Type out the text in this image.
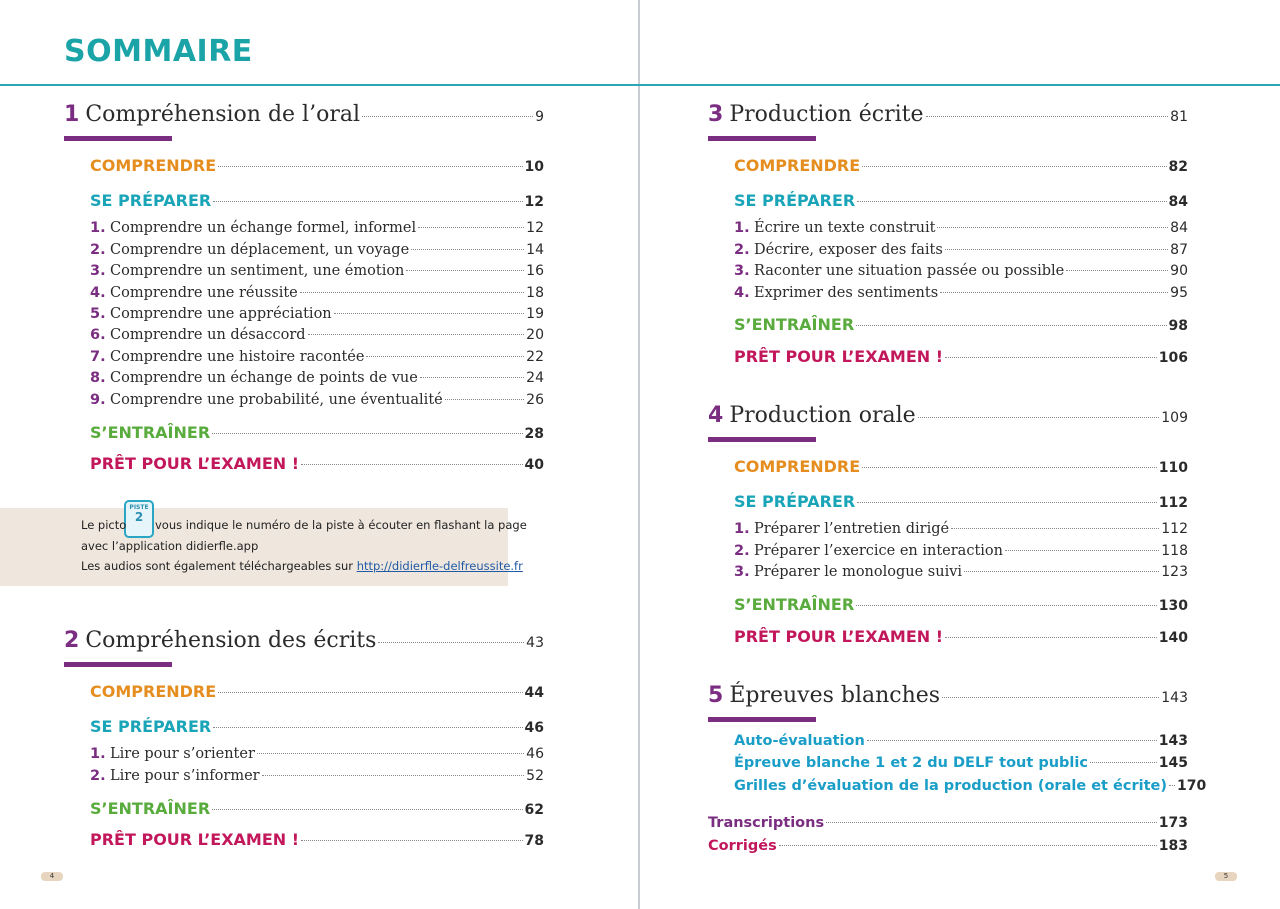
SOMMAIRE
1 Compréhension de l’oral	9
COMPRENDRE	10
SE PRÉPARER	12
1. Comprendre un échange formel, informel	12
2. Comprendre un déplacement, un voyage	14
3. Comprendre un sentiment, une émotion	16
4. Comprendre une réussite	18
5. Comprendre une appréciation	19
6. Comprendre un désaccord	20
7. Comprendre une histoire racontée	22
8. Comprendre un échange de points de vue	24
9. Comprendre une probabilité, une éventualité	26
S’ENTRAÎNER	28
PRÊT POUR L’EXAMEN !	40
PISTE
2
Le picto vous indique le numéro de la piste à écouter en flashant la page
avec l’application didierfle.app
Les audios sont également téléchargeables sur http://didierfle-delfreussite.fr
2 Compréhension des écrits	43
COMPRENDRE	44
SE PRÉPARER	46
1. Lire pour s’orienter	46
2. Lire pour s’informer	52
S’ENTRAÎNER	62
PRÊT POUR L’EXAMEN !	78
3 Production écrite	81
COMPRENDRE	82
SE PRÉPARER	84
1. Écrire un texte construit	84
2. Décrire, exposer des faits	87
3. Raconter une situation passée ou possible	90
4. Exprimer des sentiments	95
S’ENTRAÎNER	98
PRÊT POUR L’EXAMEN !	106
4 Production orale	109
COMPRENDRE	110
SE PRÉPARER	112
1. Préparer l’entretien dirigé	112
2. Préparer l’exercice en interaction	118
3. Préparer le monologue suivi	123
S’ENTRAÎNER	130
PRÊT POUR L’EXAMEN !	140
5 Épreuves blanches	143
Auto-évaluation	143
Épreuve blanche 1 et 2 du DELF tout public	145
Grilles d’évaluation de la production (orale et écrite) 170
Transcriptions	173
Corrigés	183
4	5
